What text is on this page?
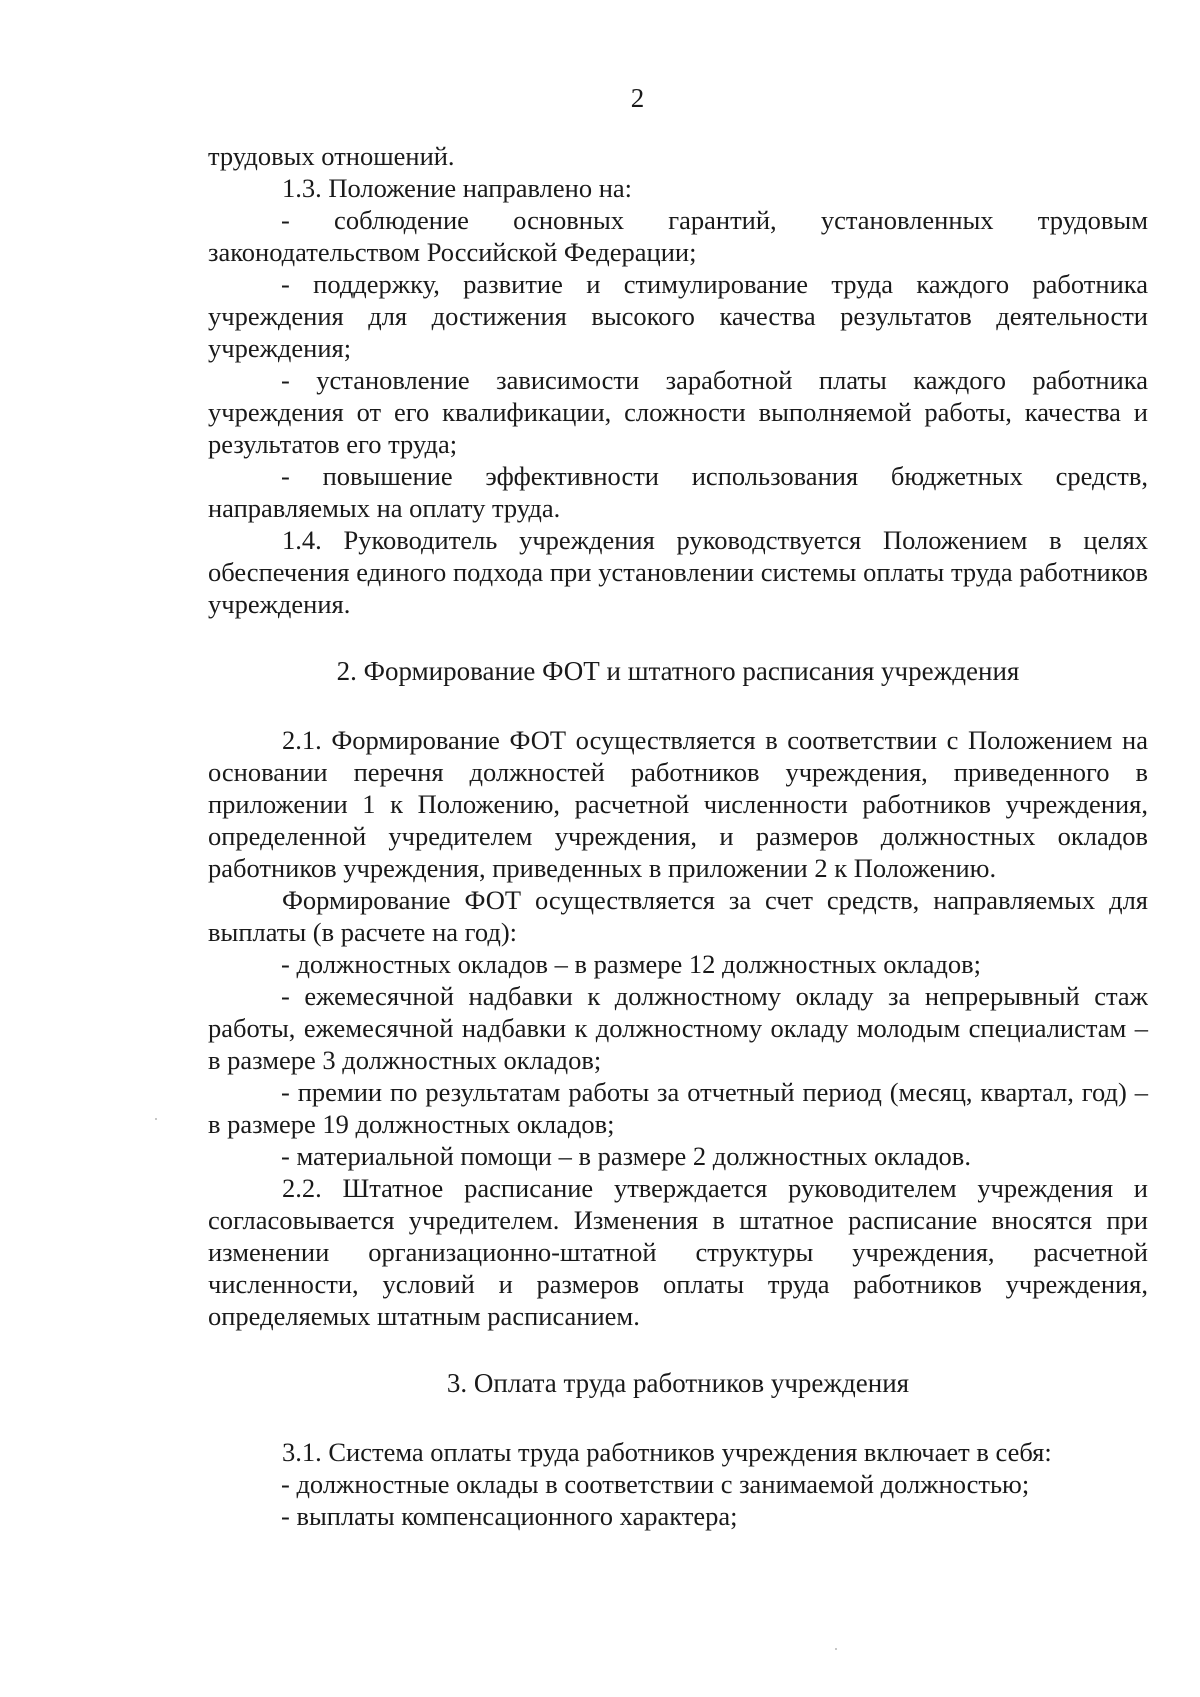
2

трудовых отношений.

1.3. Положение направлено на:

- соблюдение основных гарантий, установленных трудовым законодательством Российской Федерации;

- поддержку, развитие и стимулирование труда каждого работника учреждения для достижения высокого качества результатов деятельности учреждения;

- установление зависимости заработной платы каждого работника учреждения от его квалификации, сложности выполняемой работы, качества и результатов его труда;

- повышение эффективности использования бюджетных средств, направляемых на оплату труда.

1.4. Руководитель учреждения руководствуется Положением в целях обеспечения единого подхода при установлении системы оплаты труда работников учреждения.

2. Формирование ФОТ и штатного расписания учреждения

2.1. Формирование ФОТ осуществляется в соответствии с Положением на основании перечня должностей работников учреждения, приведенного в приложении 1 к Положению, расчетной численности работников учреждения, определенной учредителем учреждения, и размеров должностных окладов работников учреждения, приведенных в приложении 2 к Положению.

Формирование ФОТ осуществляется за счет средств, направляемых для выплаты (в расчете на год):

- должностных окладов – в размере 12 должностных окладов;

- ежемесячной надбавки к должностному окладу за непрерывный стаж работы, ежемесячной надбавки к должностному окладу молодым специалистам – в размере 3 должностных окладов;

- премии по результатам работы за отчетный период (месяц, квартал, год) – в размере 19 должностных окладов;

- материальной помощи – в размере 2 должностных окладов.

2.2. Штатное расписание утверждается руководителем учреждения и согласовывается учредителем. Изменения в штатное расписание вносятся при изменении организационно-штатной структуры учреждения, расчетной численности, условий и размеров оплаты труда работников учреждения, определяемых штатным расписанием.

3. Оплата труда работников учреждения

3.1. Система оплаты труда работников учреждения включает в себя:

- должностные оклады в соответствии с занимаемой должностью;

- выплаты компенсационного характера;
